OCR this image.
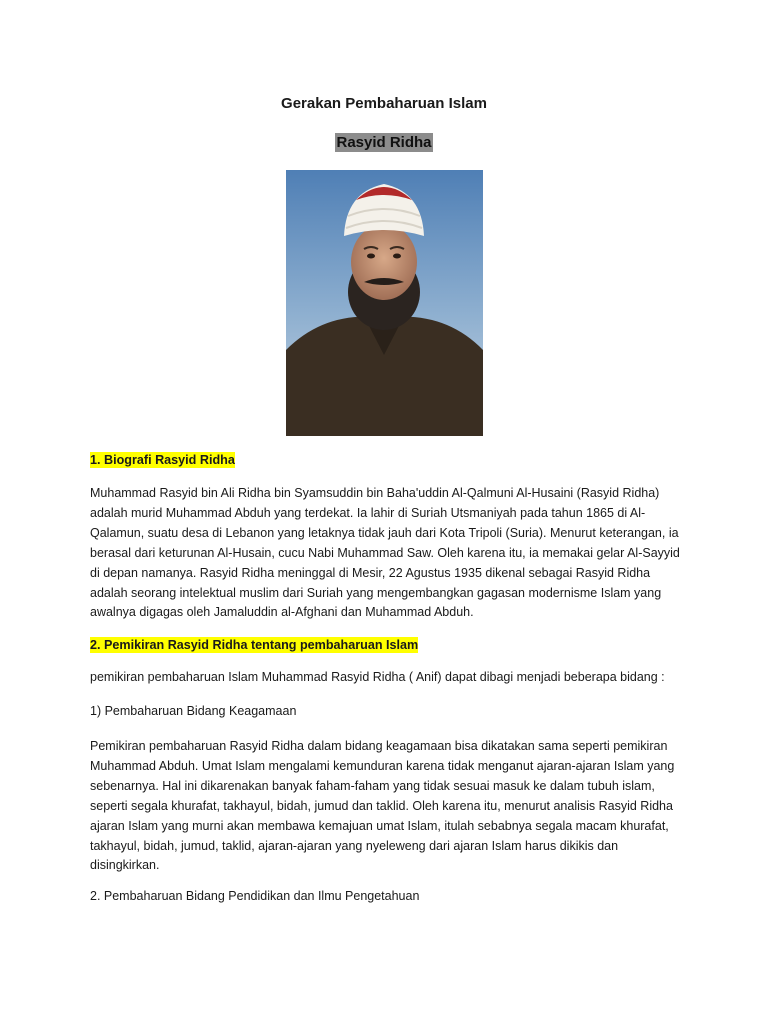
Gerakan Pembaharuan Islam
Rasyid Ridha
1. Biografi Rasyid Ridha
Muhammad Rasyid bin Ali Ridha bin Syamsuddin bin Baha'uddin Al-Qalmuni Al-Husaini (Rasyid Ridha) adalah murid Muhammad Abduh yang terdekat. Ia lahir di Suriah Utsmaniyah pada tahun 1865 di Al-Qalamun, suatu desa di Lebanon yang letaknya tidak jauh dari Kota Tripoli (Suria). Menurut keterangan, ia berasal dari keturunan Al-Husain, cucu Nabi Muhammad Saw. Oleh karena itu, ia memakai gelar Al-Sayyid di depan namanya. Rasyid Ridha meninggal di Mesir, 22 Agustus 1935 dikenal sebagai Rasyid Ridha adalah seorang intelektual muslim dari Suriah yang mengembangkan gagasan modernisme Islam yang awalnya digagas oleh Jamaluddin al-Afghani dan Muhammad Abduh.
2. Pemikiran Rasyid Ridha tentang pembaharuan Islam
pemikiran pembaharuan Islam Muhammad Rasyid Ridha ( Anif) dapat dibagi menjadi beberapa bidang :
1) Pembaharuan Bidang Keagamaan
Pemikiran pembaharuan Rasyid Ridha dalam bidang keagamaan bisa dikatakan sama seperti pemikiran Muhammad Abduh. Umat Islam mengalami kemunduran karena tidak menganut ajaran-ajaran Islam yang sebenarnya. Hal ini dikarenakan banyak faham-faham yang tidak sesuai masuk ke dalam tubuh islam, seperti segala khurafat, takhayul, bidah, jumud dan taklid. Oleh karena itu, menurut analisis Rasyid Ridha ajaran Islam yang murni akan membawa kemajuan umat Islam, itulah sebabnya segala macam khurafat, takhayul, bidah, jumud, taklid, ajaran-ajaran yang nyeleweng dari ajaran Islam harus dikikis dan disingkirkan.
2. Pembaharuan Bidang Pendidikan dan Ilmu Pengetahuan
